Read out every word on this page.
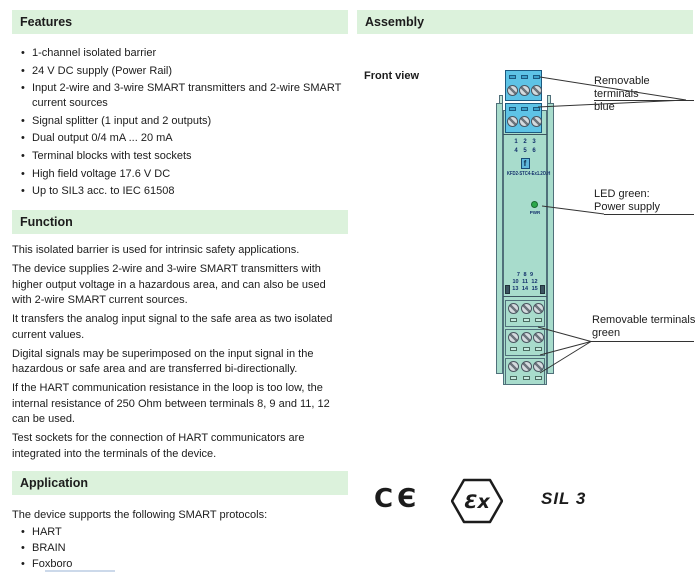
Features
• 1-channel isolated barrier
• 24 V DC supply (Power Rail)
• Input 2-wire and 3-wire SMART transmitters and 2-wire SMART current sources
• Signal splitter (1 input and 2 outputs)
• Dual output 0/4 mA ... 20 mA
• Terminal blocks with test sockets
• High field voltage 17.6 V DC
• Up to SIL3 acc. to IEC 61508
Function

This isolated barrier is used for intrinsic safety applications.

The device supplies 2-wire and 3-wire SMART transmitters with higher output voltage in a hazardous area, and can also be used with 2-wire SMART current sources.

It transfers the analog input signal to the safe area as two isolated current values.

Digital signals may be superimposed on the input signal in the hazardous or safe area and are transferred bi-directionally.

If the HART communication resistance in the loop is too low, the internal resistance of 250 Ohm between terminals 8, 9 and 11, 12 can be used.

Test sockets for the connection of HART communicators are integrated into the terminals of the device.

Application
The device supports the following SMART protocols:
• HART
• BRAIN
• Foxboro
Assembly
Front view
1 2 3
4 5 6
f
KFD2-STC4-Ex1.2O.H
PWR
7 8 9
10 11 12
13 14 15
Removable terminals
blue
LED green:
Power supply
Removable terminals
green
CЄ Ɛx	SIL 3
